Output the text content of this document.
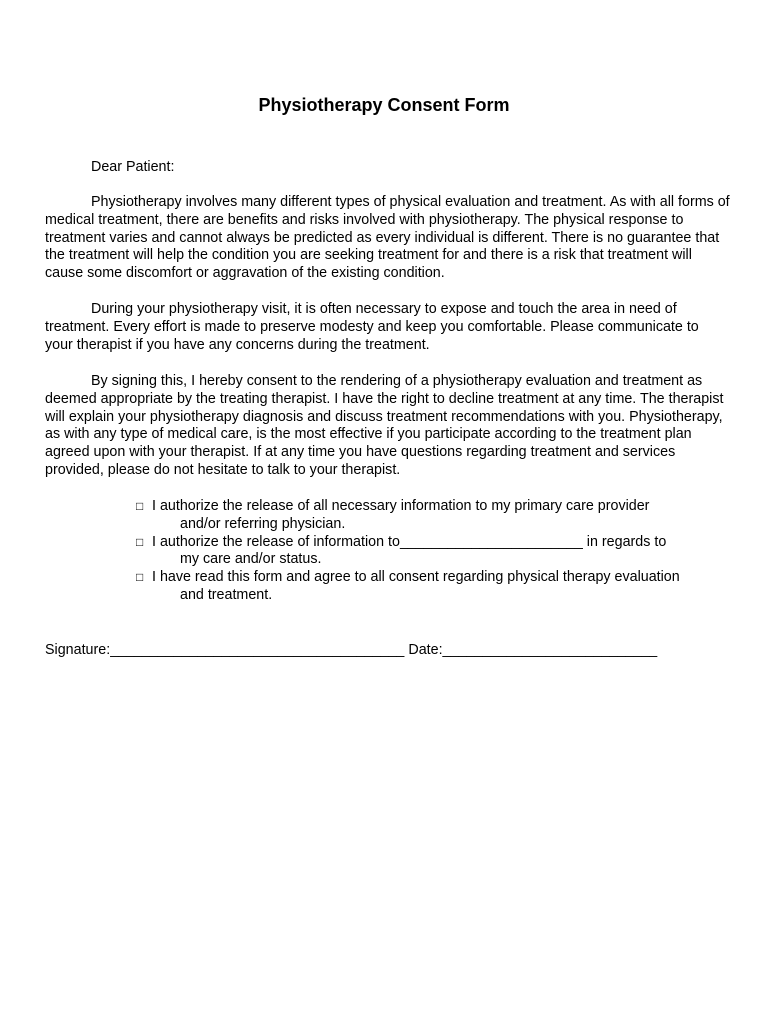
Physiotherapy Consent Form

Dear Patient:

Physiotherapy involves many different types of physical evaluation and treatment. As with all forms of medical treatment, there are benefits and risks involved with physiotherapy. The physical response to treatment varies and cannot always be predicted as every individual is different. There is no guarantee that the treatment will help the condition you are seeking treatment for and there is a risk that treatment will cause some discomfort or aggravation of the existing condition.

During your physiotherapy visit, it is often necessary to expose and touch the area in need of treatment. Every effort is made to preserve modesty and keep you comfortable. Please communicate to your therapist if you have any concerns during the treatment.

By signing this, I hereby consent to the rendering of a physiotherapy evaluation and treatment as deemed appropriate by the treating therapist. I have the right to decline treatment at any time. The therapist will explain your physiotherapy diagnosis and discuss treatment recommendations with you. Physiotherapy, as with any type of medical care, is the most effective if you participate according to the treatment plan agreed upon with your therapist. If at any time you have questions regarding treatment and services provided, please do not hesitate to talk to your therapist.

□ I authorize the release of all necessary information to my primary care provider
and/or referring physician.
□ I authorize the release of information to_______________________ in regards to
my care and/or status.
□ I have read this form and agree to all consent regarding physical therapy evaluation
and treatment.

Signature:_____________________________________ Date:___________________________
